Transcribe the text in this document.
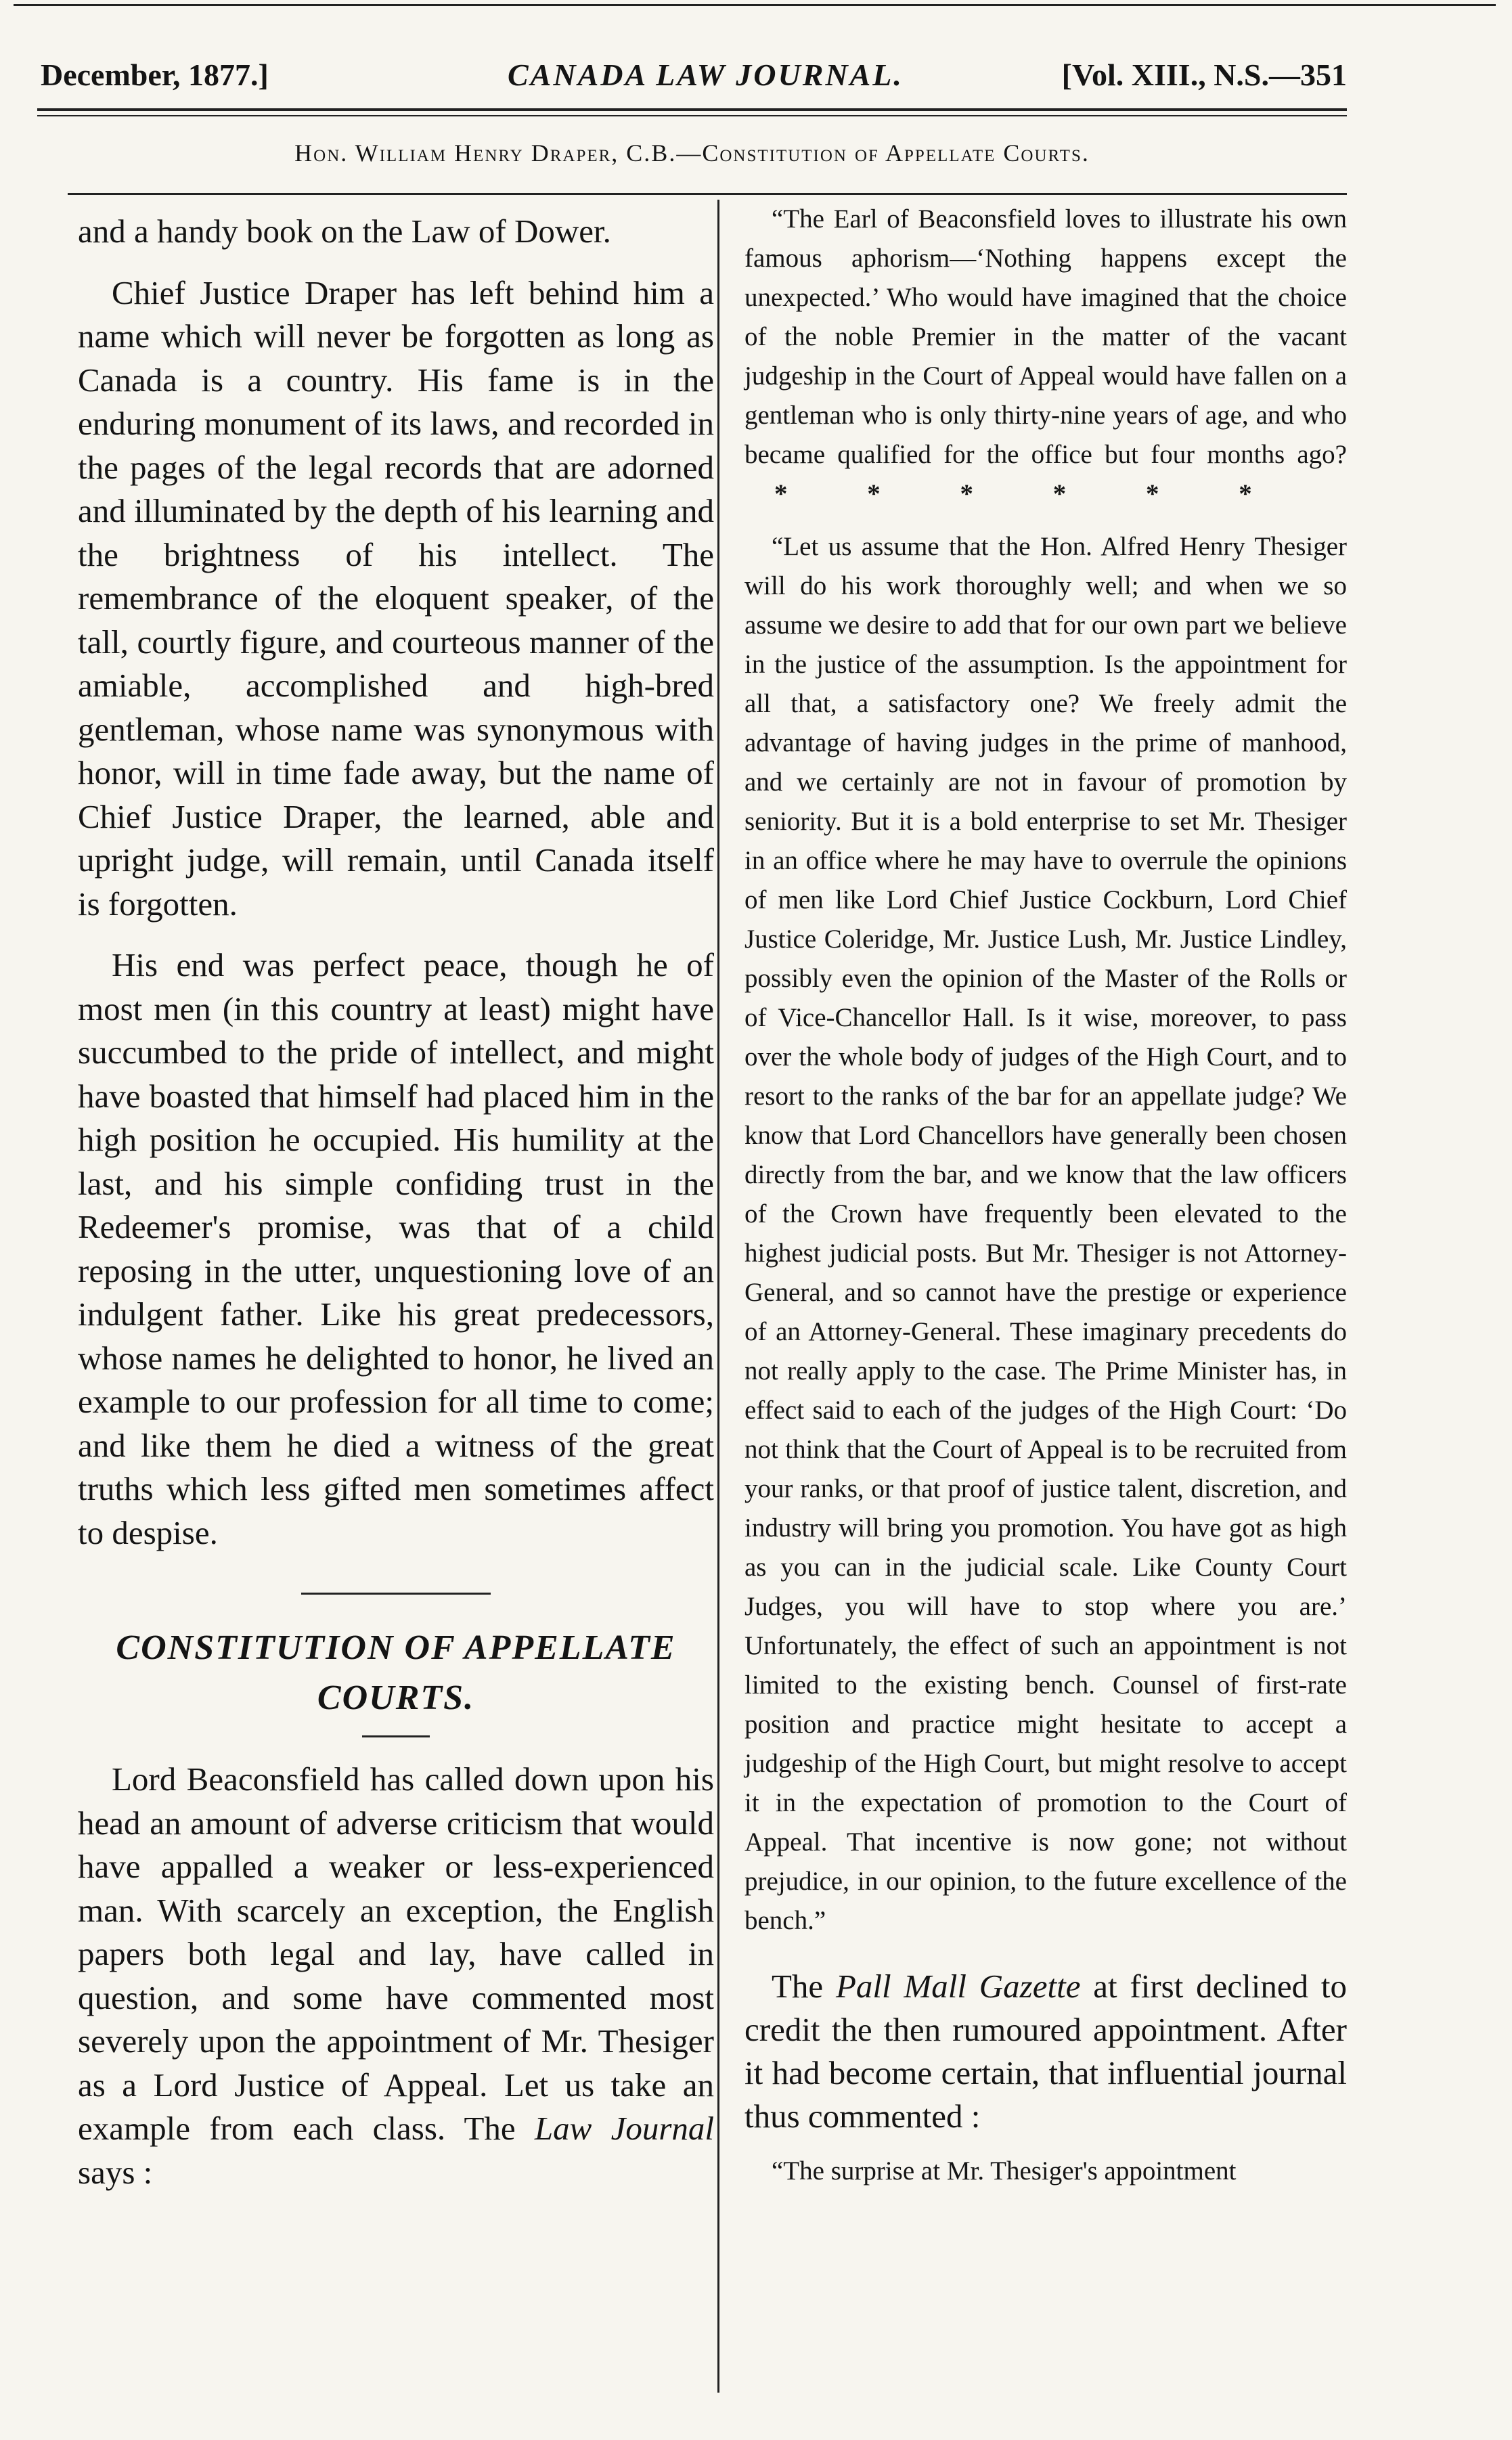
December, 1877.]	CANADA LAW JOURNAL.	[Vol. XIII., N.S.—351
Hon. William Henry Draper, C.B.—Constitution of Appellate Courts.

and a handy book on the Law of Dower.

Chief Justice Draper has left behind him a name which will never be forgotten as long as Canada is a country. His fame is in the enduring monument of its laws, and recorded in the pages of the legal records that are adorned and illuminated by the depth of his learning and the brightness of his intellect. The remembrance of the eloquent speaker, of the tall, courtly figure, and courteous manner of the amiable, accomplished and high-bred gentleman, whose name was synonymous with honor, will in time fade away, but the name of Chief Justice Draper, the learned, able and upright judge, will remain, until Canada itself is forgotten.

His end was perfect peace, though he of most men (in this country at least) might have succumbed to the pride of intellect, and might have boasted that himself had placed him in the high position he occupied. His humility at the last, and his simple confiding trust in the Redeemer's promise, was that of a child reposing in the utter, unquestioning love of an indulgent father. Like his great predecessors, whose names he delighted to honor, he lived an example to our profession for all time to come; and like them he died a witness of the great truths which less gifted men sometimes affect to despise.

CONSTITUTION OF APPELLATE COURTS.

Lord Beaconsfield has called down upon his head an amount of adverse criticism that would have appalled a weaker or less-experienced man. With scarcely an exception, the English papers both legal and lay, have called in question, and some have commented most severely upon the appointment of Mr. Thesiger as a Lord Justice of Appeal. Let us take an example from each class. The Law Journal says :

“The Earl of Beaconsfield loves to illustrate his own famous aphorism—‘Nothing happens except the unexpected.’ Who would have imagined that the choice of the noble Premier in the matter of the vacant judgeship in the Court of Appeal would have fallen on a gentleman who is only thirty-nine years of age, and who became qualified for the office but four months ago?* * * * * *

“Let us assume that the Hon. Alfred Henry Thesiger will do his work thoroughly well; and when we so assume we desire to add that for our own part we believe in the justice of the assumption. Is the appointment for all that, a satisfactory one? We freely admit the advantage of having judges in the prime of manhood, and we certainly are not in favour of promotion by seniority. But it is a bold enterprise to set Mr. Thesiger in an office where he may have to overrule the opinions of men like Lord Chief Justice Cockburn, Lord Chief Justice Coleridge, Mr. Justice Lush, Mr. Justice Lindley, possibly even the opinion of the Master of the Rolls or of Vice-Chancellor Hall. Is it wise, moreover, to pass over the whole body of judges of the High Court, and to resort to the ranks of the bar for an appellate judge? We know that Lord Chancellors have generally been chosen directly from the bar, and we know that the law officers of the Crown have frequently been elevated to the highest judicial posts. But Mr. Thesiger is not Attorney-General, and so cannot have the prestige or experience of an Attorney-General. These imaginary precedents do not really apply to the case. The Prime Minister has, in effect said to each of the judges of the High Court: ‘Do not think that the Court of Appeal is to be recruited from your ranks, or that proof of justice talent, discretion, and industry will bring you promotion. You have got as high as you can in the judicial scale. Like County Court Judges, you will have to stop where you are.’ Unfortunately, the effect of such an appointment is not limited to the existing bench. Counsel of first-rate position and practice might hesitate to accept a judgeship of the High Court, but might resolve to accept it in the expectation of promotion to the Court of Appeal. That incentive is now gone; not without prejudice, in our opinion, to the future excellence of the bench.”

The Pall Mall Gazette at first declined to credit the then rumoured appointment. After it had become certain, that influential journal thus commented :

“The surprise at Mr. Thesiger's appointment
